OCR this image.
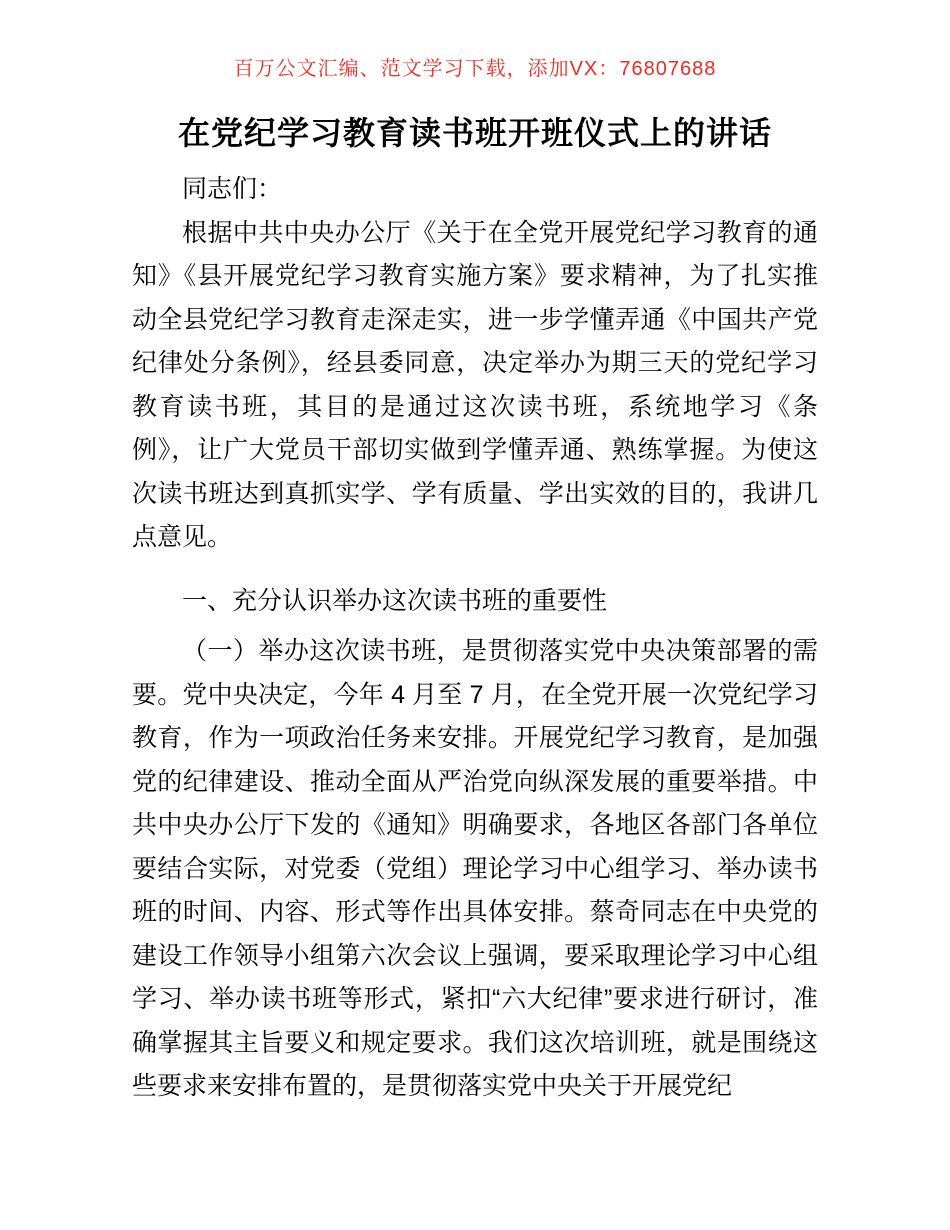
百万公文汇编、范文学习下载，添加VX：76807688
在党纪学习教育读书班开班仪式上的讲话

同志们：

根据中共中央办公厅《关于在全党开展党纪学习教育的通知》《县开展党纪学习教育实施方案》要求精神，为了扎实推动全县党纪学习教育走深走实，进一步学懂弄通《中国共产党纪律处分条例》，经县委同意，决定举办为期三天的党纪学习教育读书班，其目的是通过这次读书班，系统地学习《条例》，让广大党员干部切实做到学懂弄通、熟练掌握。为使这次读书班达到真抓实学、学有质量、学出实效的目的，我讲几点意见。

一、充分认识举办这次读书班的重要性

（一）举办这次读书班，是贯彻落实党中央决策部署的需要。党中央决定，今年 4 月至 7 月，在全党开展一次党纪学习教育，作为一项政治任务来安排。开展党纪学习教育，是加强党的纪律建设、推动全面从严治党向纵深发展的重要举措。中共中央办公厅下发的《通知》明确要求，各地区各部门各单位要结合实际，对党委（党组）理论学习中心组学习、举办读书班的时间、内容、形式等作出具体安排。蔡奇同志在中央党的建设工作领导小组第六次会议上强调，要采取理论学习中心组学习、举办读书班等形式，紧扣“六大纪律”要求进行研讨，准确掌握其主旨要义和规定要求。我们这次培训班，就是围绕这些要求来安排布置的，是贯彻落实党中央关于开展党纪
